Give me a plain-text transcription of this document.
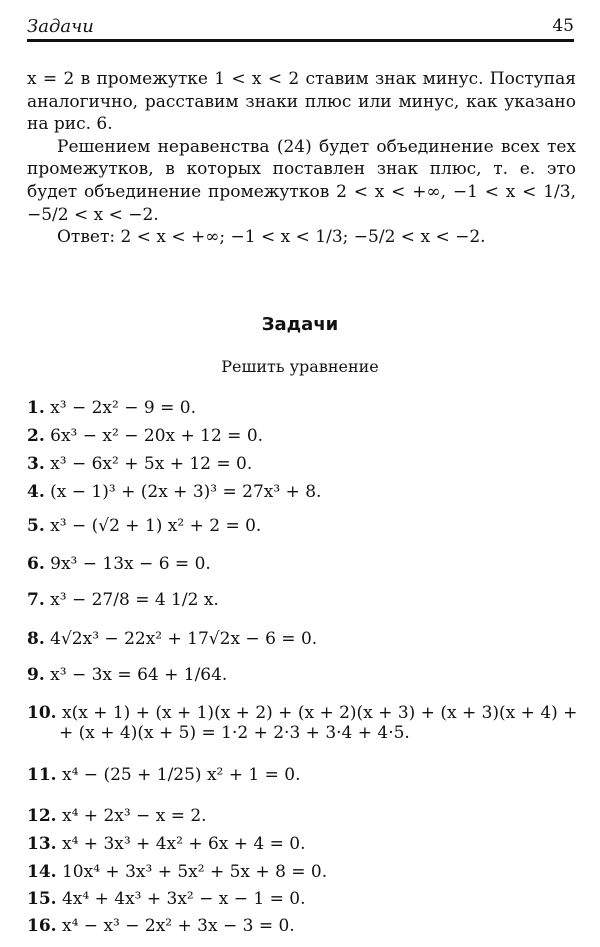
Задачи	45

x = 2 в промежутке 1 < x < 2 ставим знак минус. Поступая аналогично, расставим знаки плюс или минус, как указано на рис. 6.

Решением неравенства (24) будет объединение всех тех промежутков, в которых поставлен знак плюс, т. е. это будет объединение промежутков 2 < x < +∞, −1 < x < 1/3, −5/2 < x < −2.

Ответ: 2 < x < +∞; −1 < x < 1/3; −5/2 < x < −2.

Задачи
Решить уравнение
1. x³ − 2x² − 9 = 0.
2. 6x³ − x² − 20x + 12 = 0.
3. x³ − 6x² + 5x + 12 = 0.
4. (x − 1)³ + (2x + 3)³ = 27x³ + 8.
5. x³ − (√2 + 1) x² + 2 = 0.
6. 9x³ − 13x − 6 = 0.
7. x³ − 27/8 = 4 1/2 x.
8. 4√2x³ − 22x² + 17√2x − 6 = 0.
9. x³ − 3x = 64 + 1/64.
10. x(x + 1) + (x + 1)(x + 2) + (x + 2)(x + 3) + (x + 3)(x + 4) +
+ (x + 4)(x + 5) = 1·2 + 2·3 + 3·4 + 4·5.
11. x⁴ − (25 + 1/25) x² + 1 = 0.
12. x⁴ + 2x³ − x = 2.
13. x⁴ + 3x³ + 4x² + 6x + 4 = 0.
14. 10x⁴ + 3x³ + 5x² + 5x + 8 = 0.
15. 4x⁴ + 4x³ + 3x² − x − 1 = 0.
16. x⁴ − x³ − 2x² + 3x − 3 = 0.
